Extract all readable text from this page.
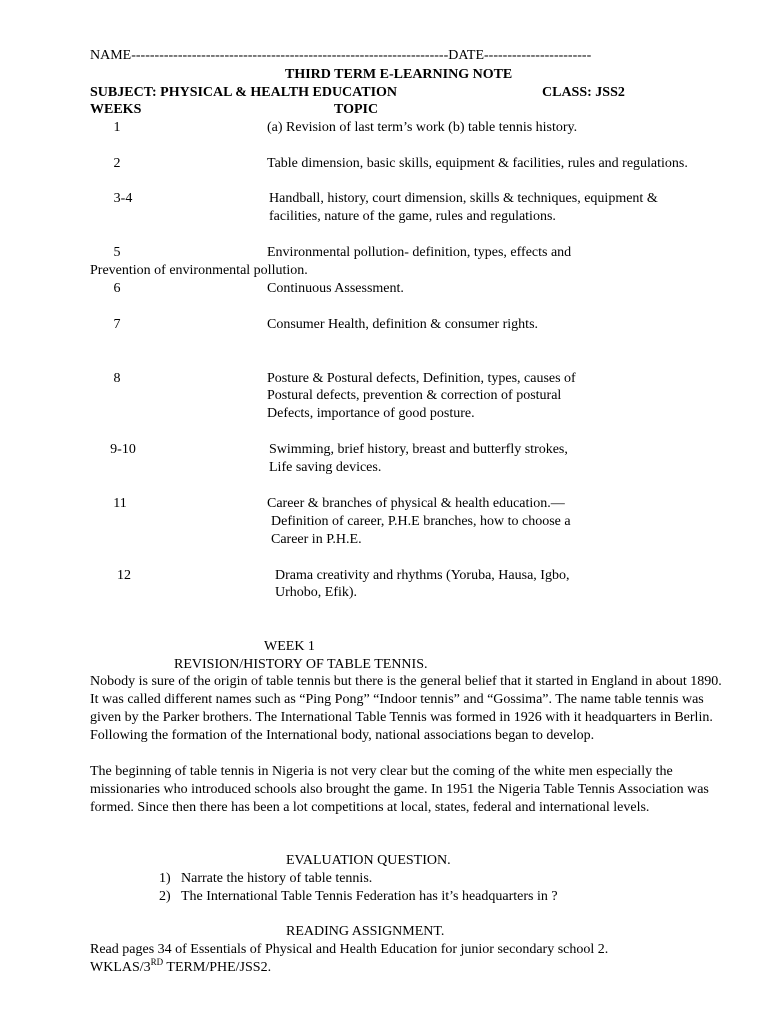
NAME--------------------------------------------------------------------DATE-----------------------
THIRD TERM E-LEARNING NOTE
SUBJECT: PHYSICAL & HEALTH EDUCATION	CLASS: JSS2
WEEKS	TOPIC
1	(a) Revision of last term’s work (b) table tennis history.
2	Table dimension, basic skills, equipment & facilities, rules and regulations.
3-4	Handball, history, court dimension, skills & techniques, equipment &
facilities, nature of the game, rules and regulations.
5	Environmental pollution- definition, types, effects and
Prevention of environmental pollution.
6	Continuous Assessment.
7	Consumer Health, definition & consumer rights.
8	Posture & Postural defects, Definition, types, causes of
Postural defects, prevention & correction of postural
Defects, importance of good posture.
9-10	Swimming, brief history, breast and butterfly strokes,
Life saving devices.
11	Career & branches of physical & health education.—
Definition of career, P.H.E branches, how to choose a
Career in P.H.E.
12	Drama creativity and rhythms (Yoruba, Hausa, Igbo,
Urhobo, Efik).
WEEK 1
REVISION/HISTORY OF TABLE TENNIS.
Nobody is sure of the origin of table tennis but there is the general belief that it started in England in about 1890. It was called different names such as “Ping Pong” “Indoor tennis” and “Gossima”. The name table tennis was given by the Parker brothers. The International Table Tennis was formed in 1926 with it headquarters in Berlin. Following the formation of the International body, national associations began to develop.
The beginning of table tennis in Nigeria is not very clear but the coming of the white men especially the missionaries who introduced schools also brought the game. In 1951 the Nigeria Table Tennis Association was formed. Since then there has been a lot competitions at local, states, federal and international levels.
EVALUATION QUESTION.
1) Narrate the history of table tennis.
2) The International Table Tennis Federation has it’s headquarters in ?
READING ASSIGNMENT.
Read pages 34 of Essentials of Physical and Health Education for junior secondary school 2.
WKLAS/3RD TERM/PHE/JSS2.
